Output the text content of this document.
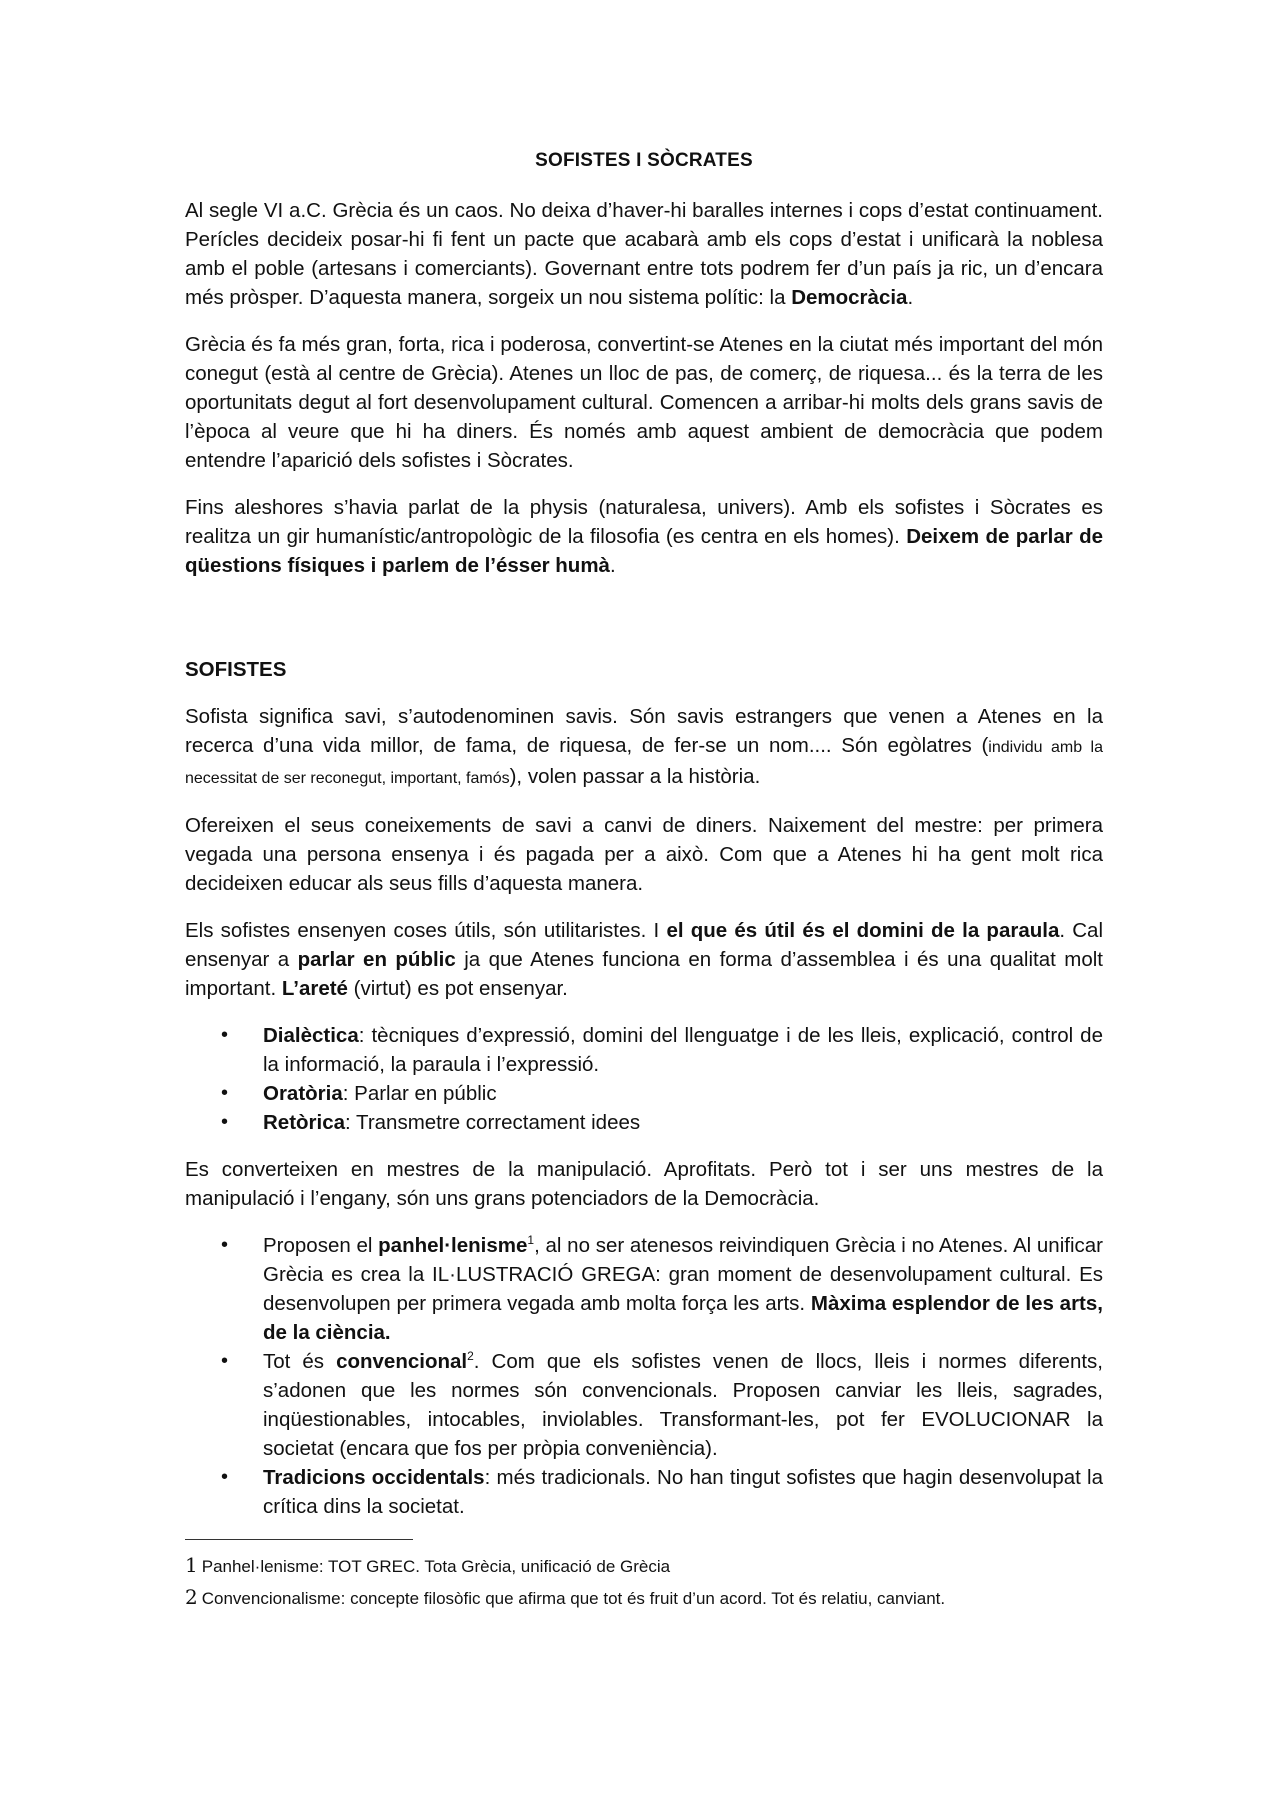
SOFISTES I SÒCRATES

Al segle VI a.C. Grècia és un caos. No deixa d’haver-hi baralles internes i cops d’estat continuament. Perícles decideix posar-hi fi fent un pacte que acabarà amb els cops d’estat i unificarà la noblesa amb el poble (artesans i comerciants). Governant entre tots podrem fer d’un país ja ric, un d’encara més pròsper. D’aquesta manera, sorgeix un nou sistema polític: la Democràcia.

Grècia és fa més gran, forta, rica i poderosa, convertint-se Atenes en la ciutat més important del món conegut (està al centre de Grècia). Atenes un lloc de pas, de comerç, de riquesa... és la terra de les oportunitats degut al fort desenvolupament cultural. Comencen a arribar-hi molts dels grans savis de l’època al veure que hi ha diners. És només amb aquest ambient de democràcia que podem entendre l’aparició dels sofistes i Sòcrates.

Fins aleshores s’havia parlat de la physis (naturalesa, univers). Amb els sofistes i Sòcrates es realitza un gir humanístic/antropològic de la filosofia (es centra en els homes). Deixem de parlar de qüestions físiques i parlem de l’ésser humà.

SOFISTES

Sofista significa savi, s’autodenominen savis. Són savis estrangers que venen a Atenes en la recerca d’una vida millor, de fama, de riquesa, de fer-se un nom.... Són egòlatres (individu amb la necessitat de ser reconegut, important, famós), volen passar a la història.

Ofereixen el seus coneixements de savi a canvi de diners. Naixement del mestre: per primera vegada una persona ensenya i és pagada per a això. Com que a Atenes hi ha gent molt rica decideixen educar als seus fills d’aquesta manera.

Els sofistes ensenyen coses útils, són utilitaristes. I el que és útil és el domini de la paraula. Cal ensenyar a parlar en públic ja que Atenes funciona en forma d’assemblea i és una qualitat molt important. L’areté (virtut) es pot ensenyar.

• Dialèctica: tècniques d’expressió, domini del llenguatge i de les lleis, explicació, control de la informació, la paraula i l’expressió.
• Oratòria: Parlar en públic
• Retòrica: Transmetre correctament idees

Es converteixen en mestres de la manipulació. Aprofitats. Però tot i ser uns mestres de la manipulació i l’engany, són uns grans potenciadors de la Democràcia.

• Proposen el panhel·lenisme$^1$, al no ser atenesos reivindiquen Grècia i no Atenes. Al unificar Grècia es crea la IL·LUSTRACIÓ GREGA: gran moment de desenvolupament cultural. Es desenvolupen per primera vegada amb molta força les arts. Màxima esplendor de les arts, de la ciència.
• Tot és convencional$^2$. Com que els sofistes venen de llocs, lleis i normes diferents, s’adonen que les normes són convencionals. Proposen canviar les lleis, sagrades, inqüestionables, intocables, inviolables. Transformant-les, pot fer EVOLUCIONAR la societat (encara que fos per pròpia conveniència).
• Tradicions occidentals: més tradicionals. No han tingut sofistes que hagin desenvolupat la crítica dins la societat.
1 Panhel·lenisme: TOT GREC. Tota Grècia, unificació de Grècia
2 Convencionalisme: concepte filosòfic que afirma que tot és fruit d’un acord. Tot és relatiu, canviant.
